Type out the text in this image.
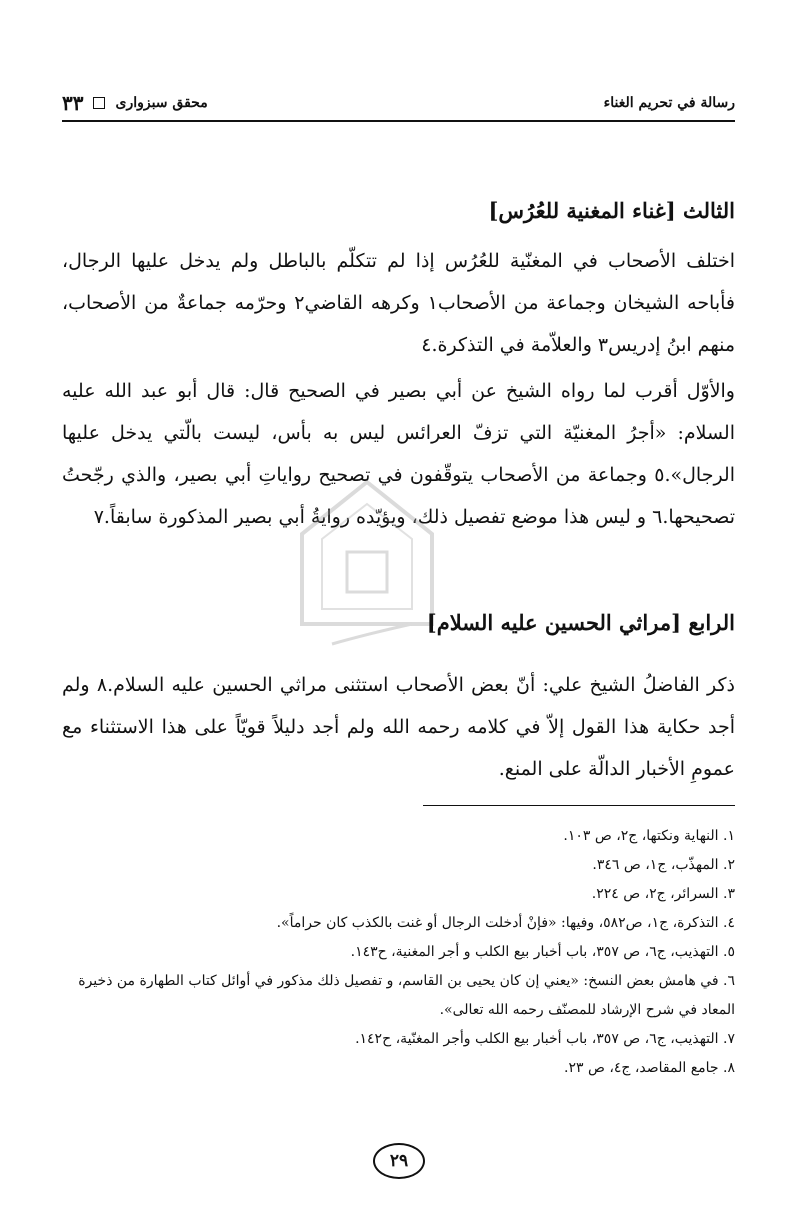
رسالة في تحريم الغناء
محقق سبزواری
٣٣
الثالث [غناء المغنية للعُرُس]

اختلف الأصحاب في المغنّية للعُرُس إذا لم تتكلّم بالباطل ولم يدخل عليها الرجال، فأباحه الشيخان وجماعة من الأصحاب١ وكرهه القاضي٢ وحرّمه جماعةٌ من الأصحاب، منهم ابنُ إدريس٣ والعلاّمة في التذكرة.٤

والأوّل أقرب لما رواه الشيخ عن أبي بصير في الصحيح قال: قال أبو عبد الله عليه السلام: «أجرُ المغنيّة التي تزفّ العرائس ليس به بأس، ليست بالّتي يدخل عليها الرجال».٥ وجماعة من الأصحاب يتوقّفون في تصحيح رواياتِ أبي بصير، والذي رجّحتُ تصحيحها.٦ و ليس هذا موضع تفصيل ذلك، ويؤيّده روايةُ أبي بصير المذكورة سابقاً.٧

الرابع [مراثي الحسين عليه السلام]

ذكر الفاضلُ الشيخ علي: أنّ بعض الأصحاب استثنى مراثي الحسين عليه السلام.٨ ولم أجد حكاية هذا القول إلاّ في كلامه رحمه الله ولم أجد دليلاً قويّاً على هذا الاستثناء مع عمومِ الأخبار الدالّة على المنع.

١. النهاية ونكتها، ج٢، ص ١٠٣.

٢. المهذّب، ج١، ص ٣٤٦.

٣. السرائر، ج٢، ص ٢٢٤.

٤. التذكرة، ج١، ص٥٨٢، وفيها: «فإنْ أدخلت الرجال أو غنت بالكذب كان حراماً».

٥. التهذيب، ج٦، ص ٣٥٧، باب أخبار بيع الكلب و أجر المغنية، ح١٤٣.

٦. في هامش بعض النسخ: «يعني إن كان يحيى بن القاسم، و تفصيل ذلك مذكور في أوائل كتاب الطهارة من ذخيرة المعاد في شرح الإرشاد للمصنّف رحمه الله تعالى».

٧. التهذيب، ج٦، ص ٣٥٧، باب أخبار بيع الكلب وأجر المغنّية، ح١٤٢.

٨. جامع المقاصد، ج٤، ص ٢٣.

٢٩
